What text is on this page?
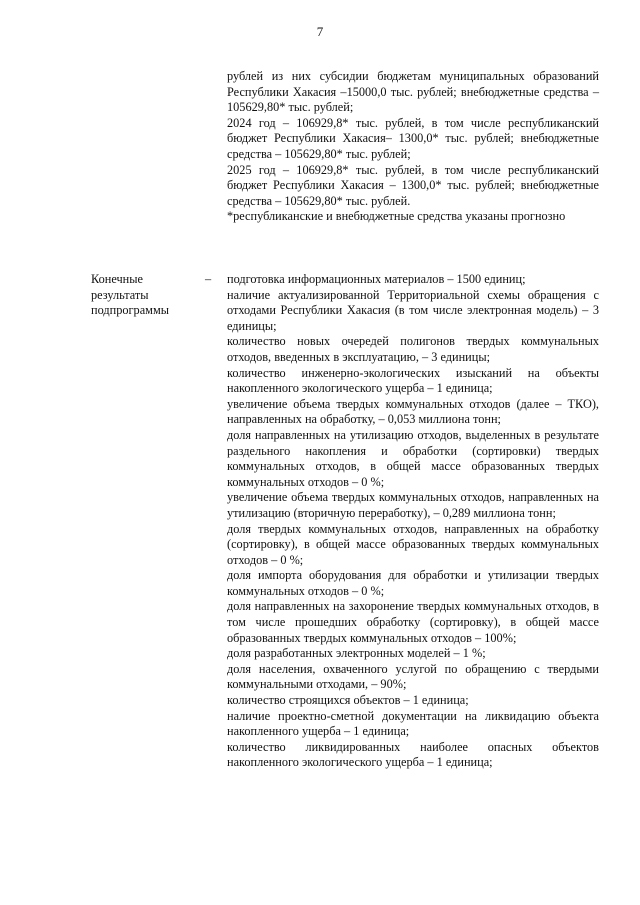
7

рублей из них субсидии бюджетам муниципальных образований Республики Хакасия –15000,0 тыс. рублей; внебюджетные средства – 105629,80* тыс. рублей;

2024 год – 106929,8* тыс. рублей, в том числе республиканский бюджет Республики Хакасия– 1300,0* тыс. рублей; внебюджетные средства – 105629,80* тыс. рублей;

2025 год – 106929,8* тыс. рублей, в том числе республиканский бюджет Республики Хакасия – 1300,0* тыс. рублей; внебюджетные средства – 105629,80* тыс. рублей.

*республиканские и внебюджетные средства указаны прогнозно

Конечные результаты подпрограммы

– подготовка информационных материалов – 1500 единиц;

наличие актуализированной Территориальной схемы обращения с отходами Республики Хакасия (в том числе электронная модель) – 3 единицы;

количество новых очередей полигонов твердых коммунальных отходов, введенных в эксплуатацию, – 3 единицы;

количество инженерно-экологических изысканий на объекты накопленного экологического ущерба – 1 единица;

увеличение объема твердых коммунальных отходов (далее – ТКО), направленных на обработку, – 0,053 миллиона тонн;

доля направленных на утилизацию отходов, выделенных в результате раздельного накопления и обработки (сортировки) твердых коммунальных отходов, в общей массе образованных твердых коммунальных отходов – 0 %;

увеличение объема твердых коммунальных отходов, направленных на утилизацию (вторичную переработку), – 0,289 миллиона тонн;

доля твердых коммунальных отходов, направленных на обработку (сортировку), в общей массе образованных твердых коммунальных отходов – 0 %;

доля импорта оборудования для обработки и утилизации твердых коммунальных отходов – 0 %;

доля направленных на захоронение твердых коммунальных отходов, в том числе прошедших обработку (сортировку), в общей массе образованных твердых коммунальных отходов – 100%;

доля разработанных электронных моделей – 1 %;

доля населения, охваченного услугой по обращению с твердыми коммунальными отходами, – 90%;

количество строящихся объектов – 1 единица;

наличие проектно-сметной документации на ликвидацию объекта накопленного ущерба – 1 единица;

количество ликвидированных наиболее опасных объектов накопленного экологического ущерба – 1 единица;
